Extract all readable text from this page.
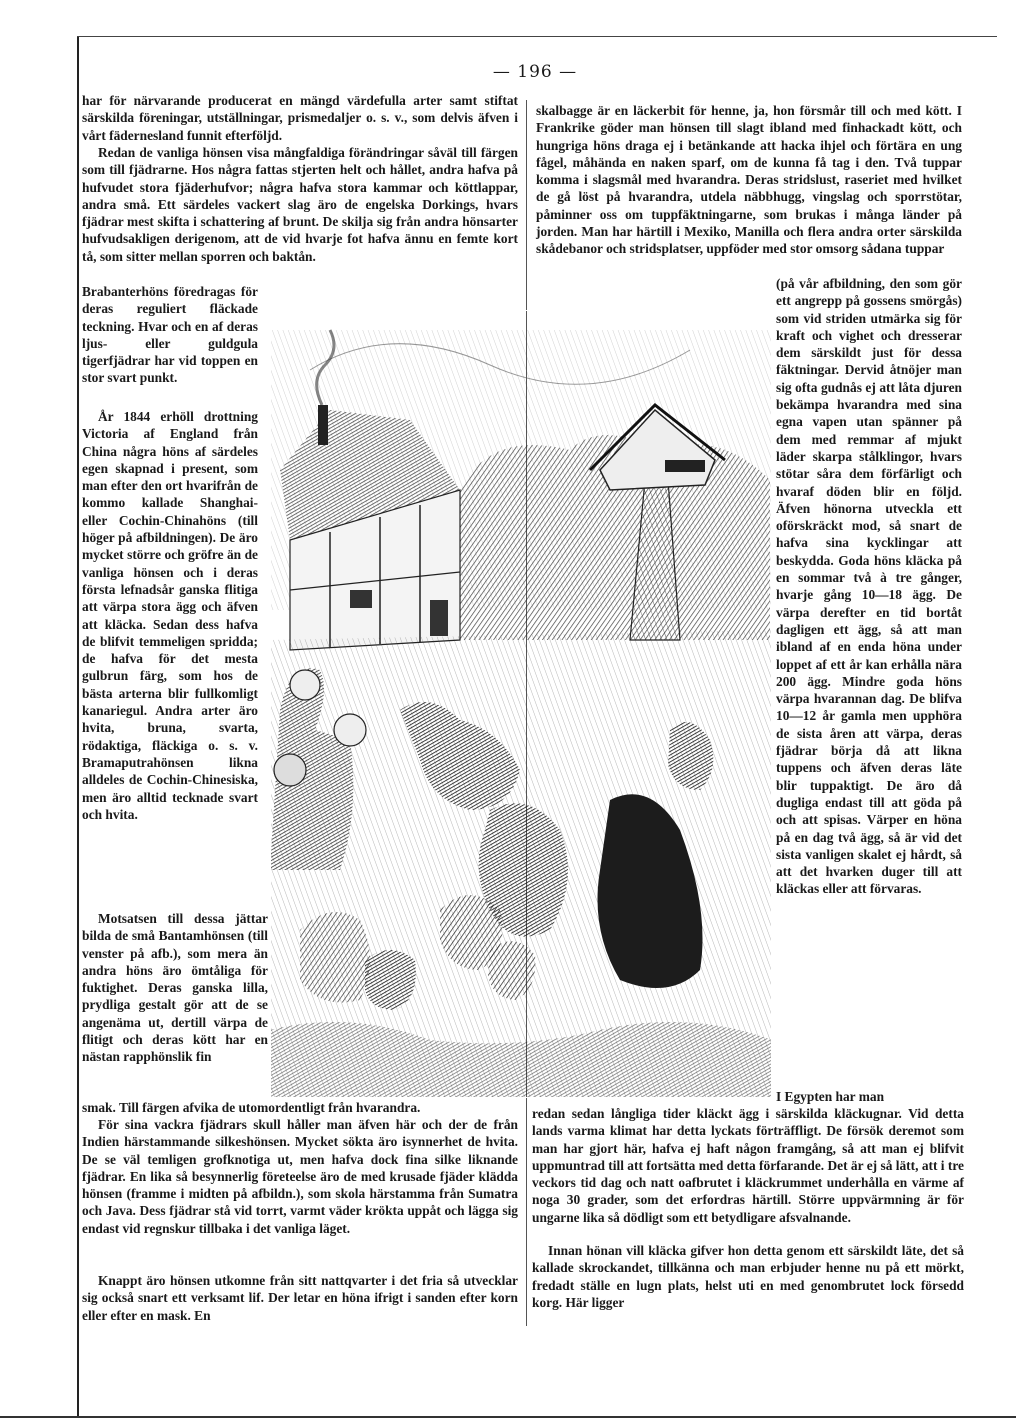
— 196 —

har för närvarande producerat en mängd värdefulla arter samt stiftat särskilda föreningar, utställningar, prismedaljer o. s. v., som delvis äfven i vårt fädernesland funnit efterföljd.

Redan de vanliga hönsen visa mångfaldiga förändringar såväl till färgen som till fjädrarne. Hos några fattas stjerten helt och hållet, andra hafva på hufvudet stora fjäderhufvor; några hafva stora kammar och köttlappar, andra små. Ett särdeles vackert slag äro de engelska Dorkings, hvars fjädrar mest skifta i schattering af brunt. De skilja sig från andra hönsarter hufvudsakligen derigenom, att de vid hvarje fot hafva ännu en femte kort tå, som sitter mellan sporren och baktån.

Brabanterhöns föredragas för deras reguliert fläckade teckning. Hvar och en af deras ljus- eller guldgula tigerfjädrar har vid toppen en stor svart punkt.

År 1844 erhöll drottning Victoria af England från China några höns af särdeles egen skapnad i present, som man efter den ort hvarifrån de kommo kallade Shanghai- eller Cochin-Chinahöns (till höger på afbildningen). De äro mycket större och gröfre än de vanliga hönsen och i deras första lefnadsår ganska flitiga att värpa stora ägg och äfven att kläcka. Sedan dess hafva de blifvit temmeligen spridda; de hafva för det mesta gulbrun färg, som hos de bästa arterna blir fullkomligt kanariegul. Andra arter äro hvita, bruna, svarta, rödaktiga, fläckiga o. s. v. Bramaputrahönsen likna alldeles de Cochin-Chinesiska, men äro alltid tecknade svart och hvita.

Motsatsen till dessa jättar bilda de små Bantamhönsen (till venster på afb.), som mera än andra höns äro ömtåliga för fuktighet. Deras ganska lilla, prydliga gestalt gör att de se angenäma ut, dertill värpa de flitigt och deras kött har en nästan rapphönslik fin

smak. Till färgen afvika de utomordentligt från hvarandra.

För sina vackra fjädrars skull håller man äfven här och der de från Indien härstammande silkeshönsen. Mycket sökta äro isynnerhet de hvita. De se väl temligen grofknotiga ut, men hafva dock fina silke liknande fjädrar. En lika så besynnerlig företeelse äro de med krusade fjäder klädda hönsen (framme i midten på afbildn.), som skola härstamma från Sumatra och Java. Dess fjädrar stå vid torrt, varmt väder krökta uppåt och lägga sig endast vid regnskur tillbaka i det vanliga läget.

Knappt äro hönsen utkomne från sitt nattqvarter i det fria så utvecklar sig också snart ett verksamt lif. Der letar en höna ifrigt i sanden efter korn eller efter en mask. En

skalbagge är en läckerbit för henne, ja, hon försmår till och med kött. I Frankrike göder man hönsen till slagt ibland med finhackadt kött, och hungriga höns draga ej i betänkande att hacka ihjel och förtära en ung fågel, måhända en naken sparf, om de kunna få tag i den. Två tuppar komma i slagsmål med hvarandra. Deras stridslust, raseriet med hvilket de gå löst på hvarandra, utdela näbbhugg, vingslag och sporrstötar, påminner oss om tuppfäktningarne, som brukas i många länder på jorden. Man har härtill i Mexiko, Manilla och flera andra orter särskilda skådebanor och stridsplatser, uppföder med stor omsorg sådana tuppar

(på vår afbildning, den som gör ett angrepp på gossens smörgås) som vid striden utmärka sig för kraft och vighet och dresserar dem särskildt just för dessa fäktningar. Dervid åtnöjer man sig ofta gudnås ej att låta djuren bekämpa hvarandra med sina egna vapen utan spänner på dem med remmar af mjukt läder skarpa stålklingor, hvars stötar såra dem förfärligt och hvaraf döden blir en följd. Äfven hönorna utveckla ett oförskräckt mod, så snart de hafva sina kycklingar att beskydda. Goda höns kläcka på en sommar två à tre gånger, hvarje gång 10—18 ägg. De värpa derefter en tid bortåt dagligen ett ägg, så att man ibland af en enda höna under loppet af ett år kan erhålla nära 200 ägg. Mindre goda höns värpa hvarannan dag. De blifva 10—12 år gamla men upphöra de sista åren att värpa, deras fjädrar börja då att likna tuppens och äfven deras läte blir tuppaktigt. De äro då dugliga endast till att göda på och att spisas. Värper en höna på en dag två ägg, så är vid det sista vanligen skalet ej hårdt, så att det hvarken duger till att kläckas eller att förvaras.

I Egypten har man

redan sedan långliga tider kläckt ägg i särskilda kläckugnar. Vid detta lands varma klimat har detta lyckats förträffligt. De försök deremot som man har gjort här, hafva ej haft någon framgång, så att man ej blifvit uppmuntrad till att fortsätta med detta förfarande. Det är ej så lätt, att i tre veckors tid dag och natt oafbrutet i kläckrummet underhålla en värme af noga 30 grader, som det erfordras härtill. Större uppvärmning är för ungarne lika så dödligt som ett betydligare afsvalnande.

Innan hönan vill kläcka gifver hon detta genom ett särskildt läte, det så kallade skrockandet, tillkänna och man erbjuder henne nu på ett mörkt, fredadt ställe en lugn plats, helst uti en med genombrutet lock försedd korg. Här ligger
